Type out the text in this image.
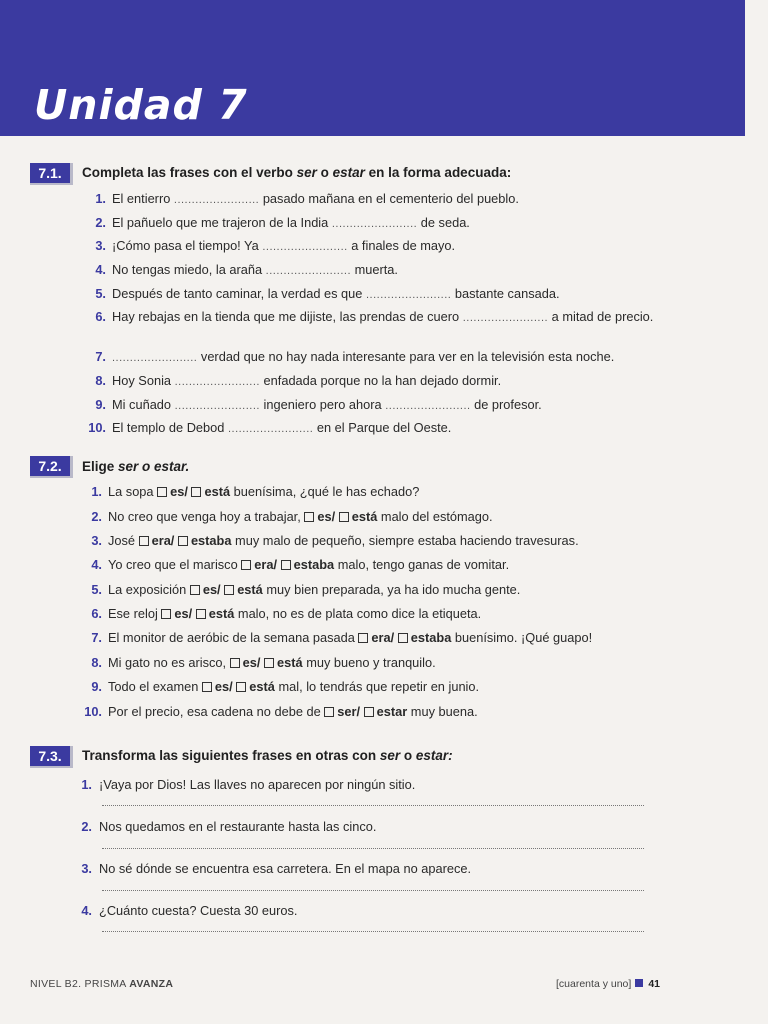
Unidad 7
7.1.	Completa las frases con el verbo ser o estar en la forma adecuada:
1. El entierro .....	pasado mañana en el cementerio del pueblo.
2. El pañuelo que me trajeron de la India .....	de seda.
3. ¡Cómo pasa el tiempo! Ya .....	a finales de mayo.
4. No tengas miedo, la araña .....	muerta.
5. Después de tanto caminar, la verdad es que .....	bastante cansada.
6. Hay rebajas en la tienda que me dijiste, las prendas de cuero .....	a mitad de precio.
7. .....	verdad que no hay nada interesante para ver en la televisión esta noche.
8. Hoy Sonia .....	enfadada porque no la han dejado dormir.
9. Mi cuñado .....	ingeniero pero ahora .....	de profesor.
10. El templo de Debod .....	en el Parque del Oeste.
7.2.	Elige ser o estar.
1. La sopa es/ está buenísima, ¿qué le has echado?
2. No creo que venga hoy a trabajar, es/ está malo del estómago.
3. José era/ estaba muy malo de pequeño, siempre estaba haciendo travesuras.
4. Yo creo que el marisco era/ estaba malo, tengo ganas de vomitar.
5. La exposición es/ está muy bien preparada, ya ha ido mucha gente.
6. Ese reloj es/ está malo, no es de plata como dice la etiqueta.
7. El monitor de aeróbic de la semana pasada era/ estaba buenísimo. ¡Qué guapo!
8. Mi gato no es arisco, es/ está muy bueno y tranquilo.
9. Todo el examen es/ está mal, lo tendrás que repetir en junio.
10. Por el precio, esa cadena no debe de ser/ estar muy buena.
7.3.	Transforma las siguientes frases en otras con ser o estar:
1. ¡Vaya por Dios! Las llaves no aparecen por ningún sitio.
2. Nos quedamos en el restaurante hasta las cinco.
3. No sé dónde se encuentra esa carretera. En el mapa no aparece.
4. ¿Cuánto cuesta? Cuesta 30 euros.
NIVEL B2. PRISMA AVANZA	[cuarenta y uno] 41
